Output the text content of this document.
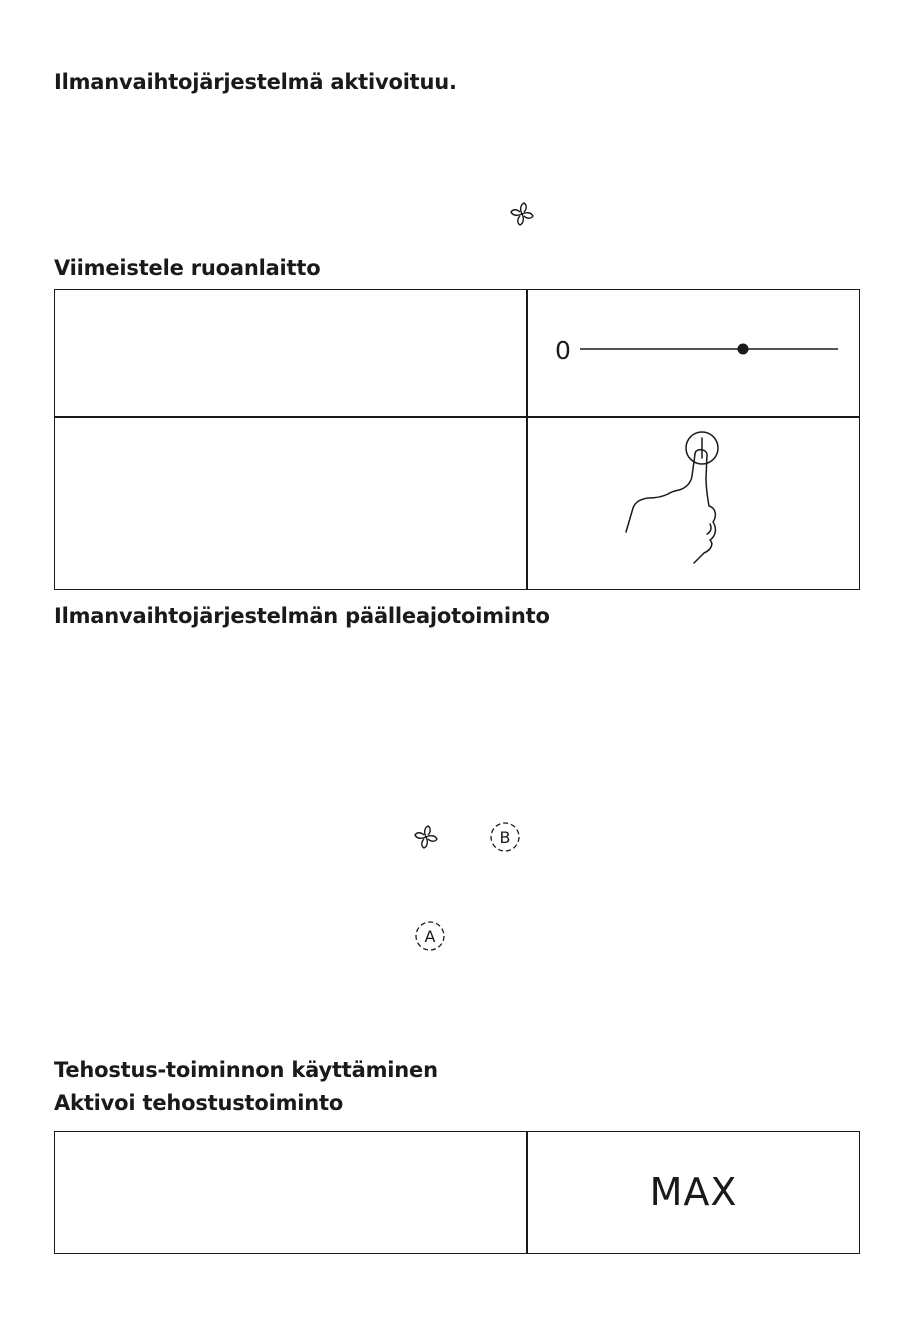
Ilmanvaihtojärjestelmä aktivoituu.
Viimeistele ruoanlaitto
0
Ilmanvaihtojärjestelmän päälleajotoiminto
B
A
Tehostus-toiminnon käyttäminen
Aktivoi tehostustoiminto
MAX
